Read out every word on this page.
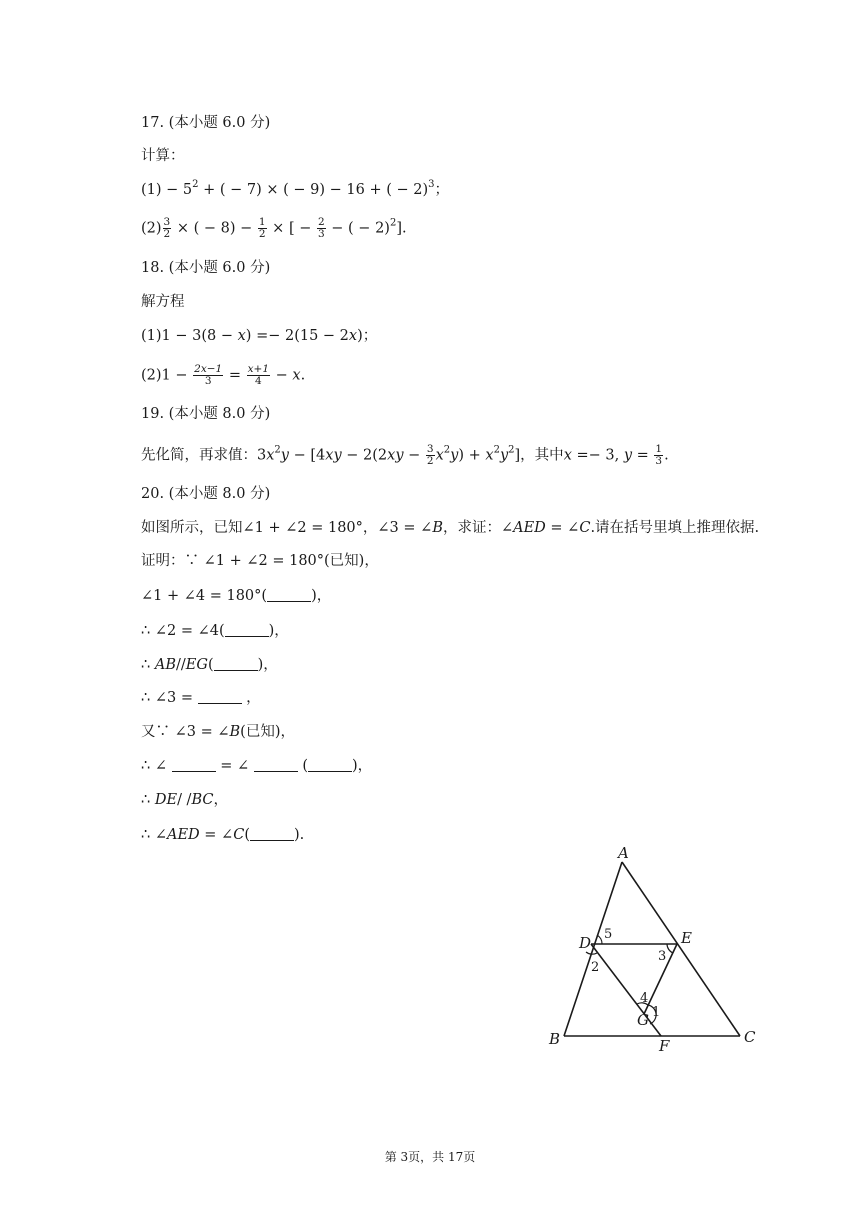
17. (本小题 6.0 分)
计算：
$(1) - 5^2$ + ( − 7) × ( − 9) − 16 + ( − 2)$^3$；
$(2) \frac{3}{2}$ × ( − $8) - \frac{1}{2}$ × [ − $\frac{2}{3}$ − ( − 2)$^2$].
18. (本小题 6.0 分)
解方程
(1)1 − 3(8 − x) =− 2(15 − 2x)；
$(2)1 - \frac{2x-1}{3} = \frac{x+1}{4} - x$.
19. (本小题 8.0 分)
先化简，再求值：$3x^2y - [4xy - 2(2xy - \frac{3}{2} x^2y) + x^2y^2]$，其中x =− 3, $y = \frac{1}{3}$ .
20. (本小题 8.0 分)
如图所示，已知∠1 + ∠2 = 180°，∠3 = ∠B，求证：∠AED = ∠C.请在括号里填上推理依据.
证明：∵ ∠1 + ∠2 = 180°(已知)，
∠1 + ∠4 = 180°(	)，
∴ ∠2 = ∠4(	)，
∴ AB//EG(	)，
∴ ∠3 =	，
又∵ ∠3 = ∠B(已知)，
∴ ∠	= ∠	(	)，
∴ DE/ /BC，
∴ ∠AED = ∠C(	).
A
B	C
D	E
F
G 1
2
3
4
5
第 3页，共 17页
